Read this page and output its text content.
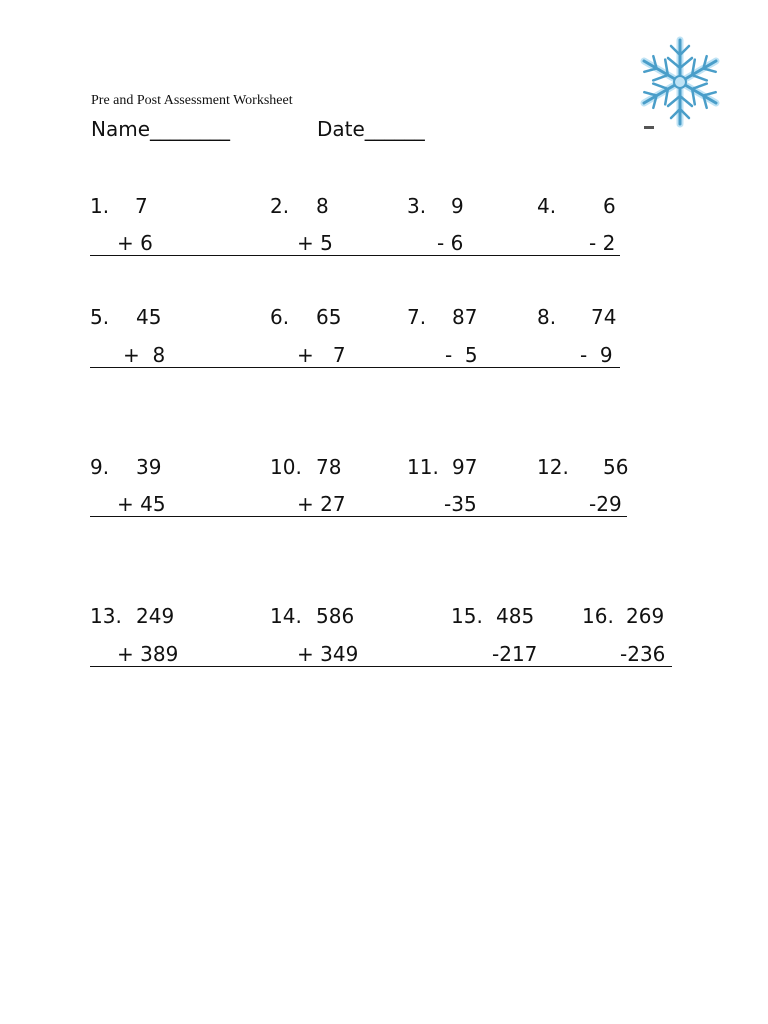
Pre and Post Assessment Worksheet
Name________	Date______
1. 7
+ 6
2. 8
+ 5
3. 9
- 6
4. 6
- 2
5. 45
+  8
6. 65
+   7
7. 87
-  5
8. 74
-  9
9. 39
+ 45
10. 78
+ 27
11. 97
-35
12. 56
-29
13. 249
+ 389
14. 586
+ 349
15. 485
-217
16. 269
-236
